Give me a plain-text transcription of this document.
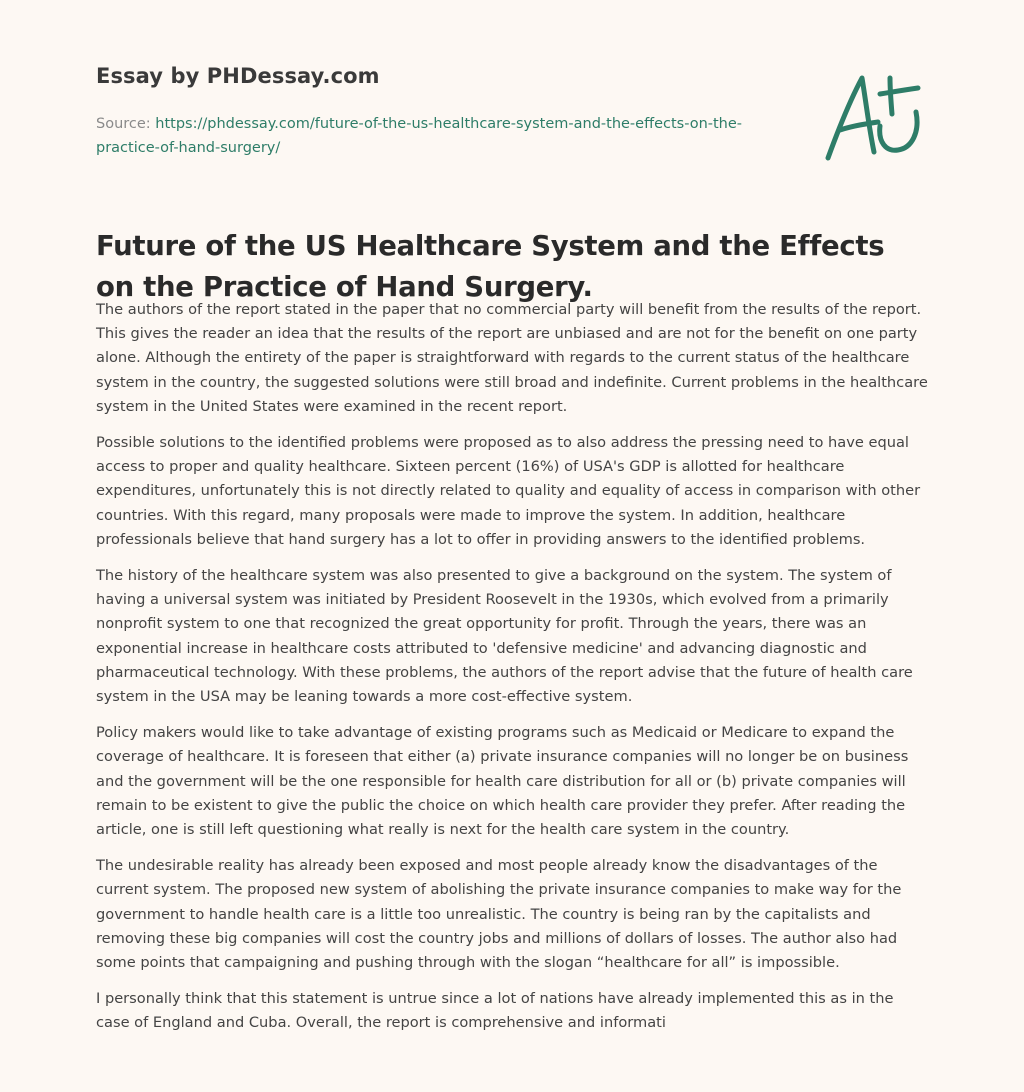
Essay by PHDessay.com
Source: https://phdessay.com/future-of-the-us-healthcare-system-and-the-effects-on-the-practice-of-hand-surgery/
Future of the US Healthcare System and the Effects on the Practice of Hand Surgery.

The authors of the report stated in the paper that no commercial party will benefit from the results of the report. This gives the reader an idea that the results of the report are unbiased and are not for the benefit on one party alone. Although the entirety of the paper is straightforward with regards to the current status of the healthcare system in the country, the suggested solutions were still broad and indefinite. Current problems in the healthcare system in the United States were examined in the recent report.

Possible solutions to the identified problems were proposed as to also address the pressing need to have equal access to proper and quality healthcare. Sixteen percent (16%) of USA's GDP is allotted for healthcare expenditures, unfortunately this is not directly related to quality and equality of access in comparison with other countries. With this regard, many proposals were made to improve the system. In addition, healthcare professionals believe that hand surgery has a lot to offer in providing answers to the identified problems.

The history of the healthcare system was also presented to give a background on the system. The system of having a universal system was initiated by President Roosevelt in the 1930s, which evolved from a primarily nonprofit system to one that recognized the great opportunity for profit. Through the years, there was an exponential increase in healthcare costs attributed to 'defensive medicine' and advancing diagnostic and pharmaceutical technology. With these problems, the authors of the report advise that the future of health care system in the USA may be leaning towards a more cost-effective system.

Policy makers would like to take advantage of existing programs such as Medicaid or Medicare to expand the coverage of healthcare. It is foreseen that either (a) private insurance companies will no longer be on business and the government will be the one responsible for health care distribution for all or (b) private companies will remain to be existent to give the public the choice on which health care provider they prefer. After reading the article, one is still left questioning what really is next for the health care system in the country.

The undesirable reality has already been exposed and most people already know the disadvantages of the current system. The proposed new system of abolishing the private insurance companies to make way for the government to handle health care is a little too unrealistic. The country is being ran by the capitalists and removing these big companies will cost the country jobs and millions of dollars of losses. The author also had some points that campaigning and pushing through with the slogan “healthcare for all” is impossible.

I personally think that this statement is untrue since a lot of nations have already implemented this as in the case of England and Cuba. Overall, the report is comprehensive and informati
